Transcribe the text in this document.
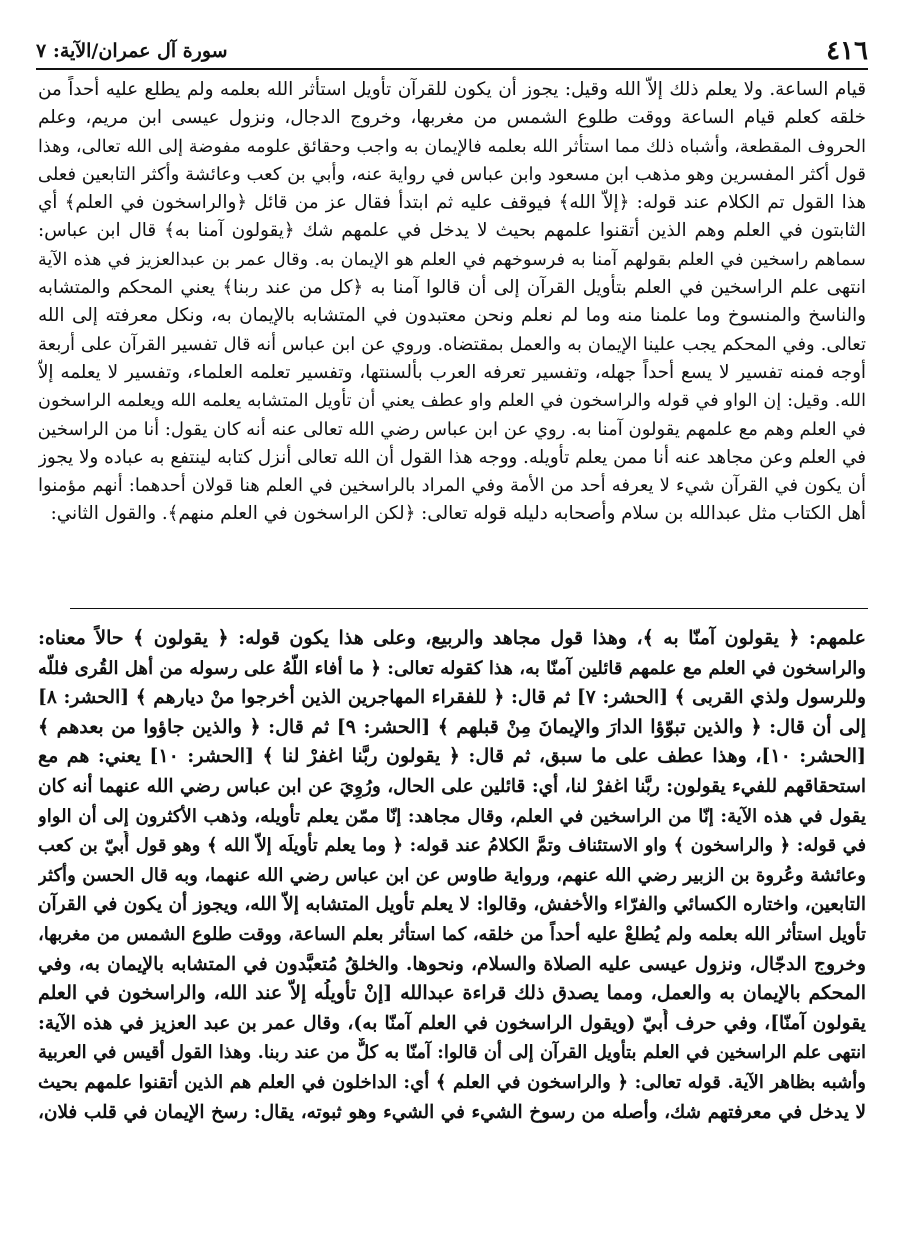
٤١٦
سورة آل عمران/الآية: ٧

قيام الساعة. ولا يعلم ذلك إلاّ الله وقيل: يجوز أن يكون للقرآن تأويل استأثر الله بعلمه ولم يطلع عليه أحداً من

خلقه كعلم قيام الساعة ووقت طلوع الشمس من مغربها، وخروج الدجال، ونزول عيسى ابن مريم، وعلم

الحروف المقطعة، وأشباه ذلك مما استأثر الله بعلمه فالإيمان به واجب وحقائق علومه مفوضة إلى الله تعالى، وهذا

قول أكثر المفسرين وهو مذهب ابن مسعود وابن عباس في رواية عنه، وأبي بن كعب وعائشة وأكثر التابعين فعلى

هذا القول تم الكلام عند قوله: ﴿إلاّ الله﴾ فيوقف عليه ثم ابتدأ فقال عز من قائل ﴿والراسخون في العلم﴾ أي

الثابتون في العلم وهم الذين أتقنوا علمهم بحيث لا يدخل في علمهم شك ﴿يقولون آمنا به﴾ قال ابن عباس:

سماهم راسخين في العلم بقولهم آمنا به فرسوخهم في العلم هو الإيمان به. وقال عمر بن عبدالعزيز في هذه الآية

انتهى علم الراسخين في العلم بتأويل القرآن إلى أن قالوا آمنا به ﴿كل من عند ربنا﴾ يعني المحكم والمتشابه

والناسخ والمنسوخ وما علمنا منه وما لم نعلم ونحن معتبدون في المتشابه بالإيمان به، ونكل معرفته إلى الله

تعالى. وفي المحكم يجب علينا الإيمان به والعمل بمقتضاه. وروي عن ابن عباس أنه قال تفسير القرآن على أربعة

أوجه فمنه تفسير لا يسع أحداً جهله، وتفسير تعرفه العرب بألسنتها، وتفسير تعلمه العلماء، وتفسير لا يعلمه إلاّ

الله. وقيل: إن الواو في قوله والراسخون في العلم واو عطف يعني أن تأويل المتشابه يعلمه الله ويعلمه الراسخون

في العلم وهم مع علمهم يقولون آمنا به. روي عن ابن عباس رضي الله تعالى عنه أنه كان يقول: أنا من الراسخين

في العلم وعن مجاهد عنه أنا ممن يعلم تأويله. ووجه هذا القول أن الله تعالى أنزل كتابه لينتفع به عباده ولا يجوز

أن يكون في القرآن شيء لا يعرفه أحد من الأمة وفي المراد بالراسخين في العلم هنا قولان أحدهما: أنهم مؤمنوا

أهل الكتاب مثل عبدالله بن سلام وأصحابه دليله قوله تعالى: ﴿لكن الراسخون في العلم منهم﴾. والقول الثاني:

علمهم: ﴿ يقولون آمنّا به ﴾، وهذا قول مجاهد والربيع، وعلى هذا يكون قوله: ﴿ يقولون ﴾ حالاً معناه:

والراسخون في العلم مع علمهم قائلين آمنّا به، هذا كقوله تعالى: ﴿ ما أفاء اللَّهُ على رسوله من أهل القُرى فللّه

وللرسول ولذي القربى ﴾ [الحشر: ٧] ثم قال: ﴿ للفقراء المهاجرين الذين أخرجوا منْ ديارهم ﴾ [الحشر: ٨]

إلى أن قال: ﴿ والذين تبوّؤا الدارَ والإيمانَ مِنْ قبلهم ﴾ [الحشر: ٩] ثم قال: ﴿ والذين جاؤوا من بعدهم ﴾

[الحشر: ١٠]، وهذا عطف على ما سبق، ثم قال: ﴿ يقولون ربَّنا اغفرْ لنا ﴾ [الحشر: ١٠] يعني: هم مع

استحقاقهم للفيء يقولون: ربَّنا اغفرْ لنا، أي: قائلين على الحال، ورُوِيَ عن ابن عباس رضي الله عنهما أنه كان

يقول في هذه الآية: إنّا من الراسخين في العلم، وقال مجاهد: إنّا ممّن يعلم تأويله، وذهب الأكثرون إلى أن الواو

في قوله: ﴿ والراسخون ﴾ واو الاستئناف وتمَّ الكلامُ عند قوله: ﴿ وما يعلم تأويلَه إلاّ الله ﴾ وهو قول أُبيّ بن كعب

وعائشة وعُروة بن الزبير رضي الله عنهم، ورواية طاوس عن ابن عباس رضي الله عنهما، وبه قال الحسن وأكثر

التابعين، واختاره الكسائي والفرّاء والأخفش، وقالوا: لا يعلم تأويل المتشابه إلاّ الله، ويجوز أن يكون في القرآن

تأويل استأثر الله بعلمه ولم يُطلعْ عليه أحداً من خلقه، كما استأثر بعلم الساعة، ووقت طلوع الشمس من مغربها،

وخروج الدجّال، ونزول عيسى عليه الصلاة والسلام، ونحوها. والخلقُ مُتعبَّدون في المتشابه بالإيمان به، وفي

المحكم بالإيمان به والعمل، ومما يصدق ذلك قراءة عبدالله [إنْ تأويلُه إلاّ عند الله، والراسخون في العلم

يقولون آمنّا]، وفي حرف أُبيّ (ويقول الراسخون في العلم آمنّا به)، وقال عمر بن عبد العزيز في هذه الآية:

انتهى علم الراسخين في العلم بتأويل القرآن إلى أن قالوا: آمنّا به كلٌّ من عند ربنا. وهذا القول أقيس في العربية

وأشبه بظاهر الآية. قوله تعالى: ﴿ والراسخون في العلم ﴾ أي: الداخلون في العلم هم الذين أتقنوا علمهم بحيث

لا يدخل في معرفتهم شك، وأصله من رسوخ الشيء في الشيء وهو ثبوته، يقال: رسخ الإيمان في قلب فلان،
